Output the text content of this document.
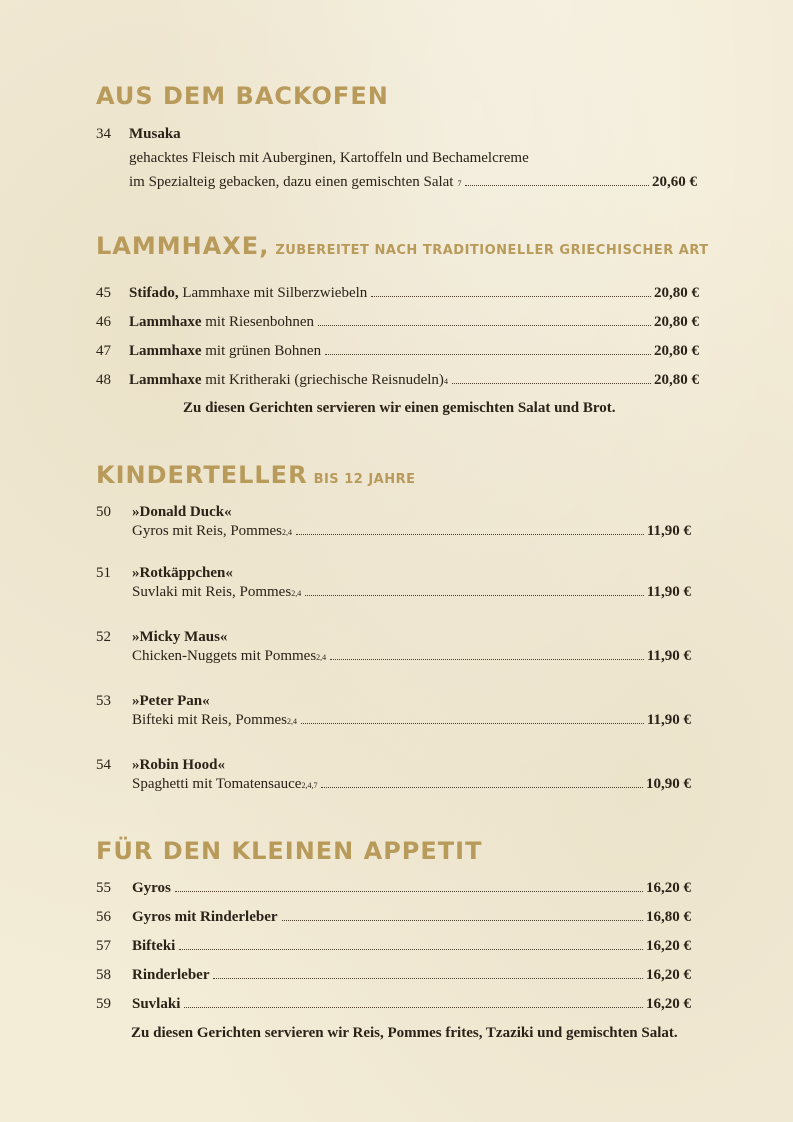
AUS DEM BACKOFEN
34	Musaka
gehacktes Fleisch mit Auberginen, Kartoffeln und Bechamelcreme
im Spezialteig gebacken, dazu einen gemischten Salat 7	20,60 €
LAMMHAXE, ZUBEREITET NACH TRADITIONELLER GRIECHISCHER ART
45	Stifado, Lammhaxe mit Silberzwiebeln	20,80 €
46	Lammhaxe mit Riesenbohnen	20,80 €
47	Lammhaxe mit grünen Bohnen	20,80 €
48	Lammhaxe mit Kritheraki (griechische Reisnudeln) 4	20,80 €
Zu diesen Gerichten servieren wir einen gemischten Salat und Brot.
KINDERTELLER BIS 12 JAHRE
50	»Donald Duck«
Gyros mit Reis, Pommes 2,4	11,90 €
51	»Rotkäppchen«
Suvlaki mit Reis, Pommes 2,4	11,90 €
52	»Micky Maus«
Chicken-Nuggets mit Pommes 2,4	11,90 €
53	»Peter Pan«
Bifteki mit Reis, Pommes 2,4	11,90 €
54	»Robin Hood«
Spaghetti mit Tomatensauce 2,4,7	10,90 €
FÜR DEN KLEINEN APPETIT
55	Gyros	16,20 €
56	Gyros mit Rinderleber	16,80 €
57	Bifteki	16,20 €
58	Rinderleber	16,20 €
59	Suvlaki	16,20 €
Zu diesen Gerichten servieren wir Reis, Pommes frites, Tzaziki und gemischten Salat.
